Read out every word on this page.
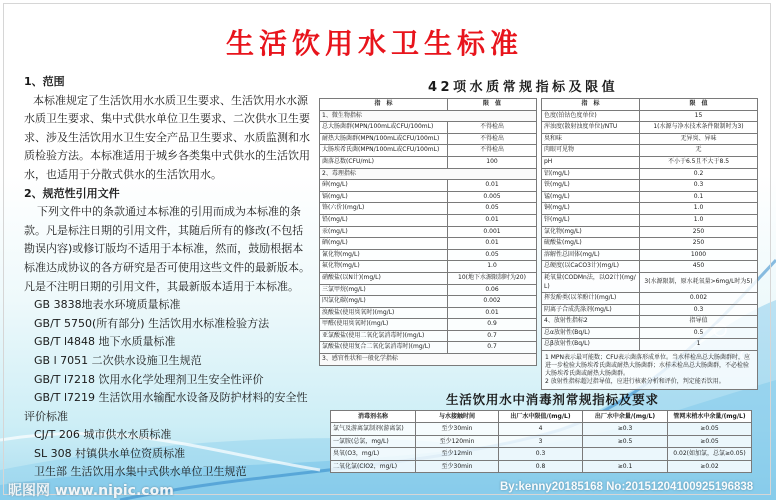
生活饮用水卫生标准
1、范围
本标准规定了生活饮用水水质卫生要求、生活饮用水水源
水质卫生要求、集中式供水单位卫生要求、二次供水卫生要
求、涉及生活饮用水卫生安全产品卫生要求、水质监测和水
质检验方法。本标准适用于城乡各类集中式供水的生活饮用
水，也适用于分散式供水的生活饮用水。
2、规范性引用文件
下列文件中的条款通过本标准的引用而成为本标准的条
款。凡是标注日期的引用文件，其随后所有的修改(不包括
勘误内容)或修订版均不适用于本标准，然而，鼓励根据本
标准达成协议的各方研究是否可使用这些文件的最新版本。
凡是不注明日期的引用文件，其最新版本适用于本标准。
GB 3838地表水环境质量标准
GB/T 5750(所有部分) 生活饮用水标准检验方法
GB/T l4848 地下水质量标准
GB l 7051 二次供水设施卫生规范
GB/T l7218 饮用水化学处理剂卫生安全性评价
GB/T l7219 生活饮用水输配水设备及防护材料的安全性
评价标准
CJ/T 206 城市供水水质标准
SL 308 村镇供水单位资质标准
卫生部 生活饮用水集中式供水单位卫生规范
42项水质常规指标及限值
指　标	限　值
1、微生物指标	
总大肠菌群(MPN/100mL或CFU/100mL)	不得检出
耐热大肠菌群(MPN/100mL或CFU/100mL)	不得检出
大肠埃希氏菌(MPN/100mL或CFU/100mL)	不得检出
菌落总数(CFU/mL)	100
2、毒理指标	
砷(mg/L)	0.01
镉(mg/L)	0.005
铬(六价)(mg/L)	0.05
铅(mg/L)	0.01
汞(mg/L)	0.001
硒(mg/L)	0.01
氰化物(mg/L)	0.05
氟化物(mg/L)	1.0
硝酸盐(以N计)(mg/L)	10(地下水源限制时为20)
三氯甲烷(mg/L)	0.06
四氯化碳(mg/L)	0.002
溴酸盐(使用臭氧时)(mg/L)	0.01
甲醛(使用臭氧时)(mg/L)	0.9
亚氯酸盐(使用二氧化氯消毒时)(mg/L)	0.7
氯酸盐(使用复合二氧化氯消毒时)(mg/L)	0.7
3、感官性状和一般化学指标	
指　标	限　值
色度(铂钴色度单位)	15
浑浊度(散射浊度单位)/NTU	1(水源与净水技术条件限制时为3)
臭和味	无异臭、异味
肉眼可见物	无
pH	不小于6.5且不大于8.5
铝(mg/L)	0.2
铁(mg/L)	0.3
锰(mg/L)	0.1
铜(mg/L)	1.0
锌(mg/L)	1.0
氯化物(mg/L)	250
硫酸盐(mg/L)	250
溶解性总固体(mg/L)	1000
总硬度(以CaCO3计)(mg/L)	450
耗氧量(CODMn法，以O2计)(mg/L)	3(水源限制，原水耗氧量>6mg/L时为5)
挥发酚类(以苯酚计)(mg/L)	0.002
阴离子合成洗涤剂(mg/L)	0.3
4、放射性指标2	指导值
总α放射性(Bq/L)	0.5
总β放射性(Bq/L)	1

1 MPN表示最可能数；CFU表示菌落形成单位。当水样检出总大肠菌群时，应进一步检验大肠埃希氏菌或耐热大肠菌群；水样未检出总大肠菌群，不必检验大肠埃希氏菌或耐热大肠菌群。
2 放射性指标超过指导值，应进行核素分析和评价，判定能否饮用。	
生活饮用水中消毒剂常规指标及要求
消毒剂名称	与水接触时间	出厂水中限值/(mg/L)	出厂水中余量/(mg/L)	管网末梢水中余量/(mg/L)
氯气及游离氯制剂(游离氯)	至少30min	4	≥0.3	≥0.05
一氯胺(总氯，mg/L)	至少120min	3	≥0.5	≥0.05
臭氧(O3，mg/L)	至少12min	0.3		0.02(如加氯，总氯≥0.05)
二氧化氯(ClO2，mg/L)	至少30min	0.8	≥0.1	≥0.02
昵图网 www.nipic.com	By:kenny20185168 No:20151204100925196838
